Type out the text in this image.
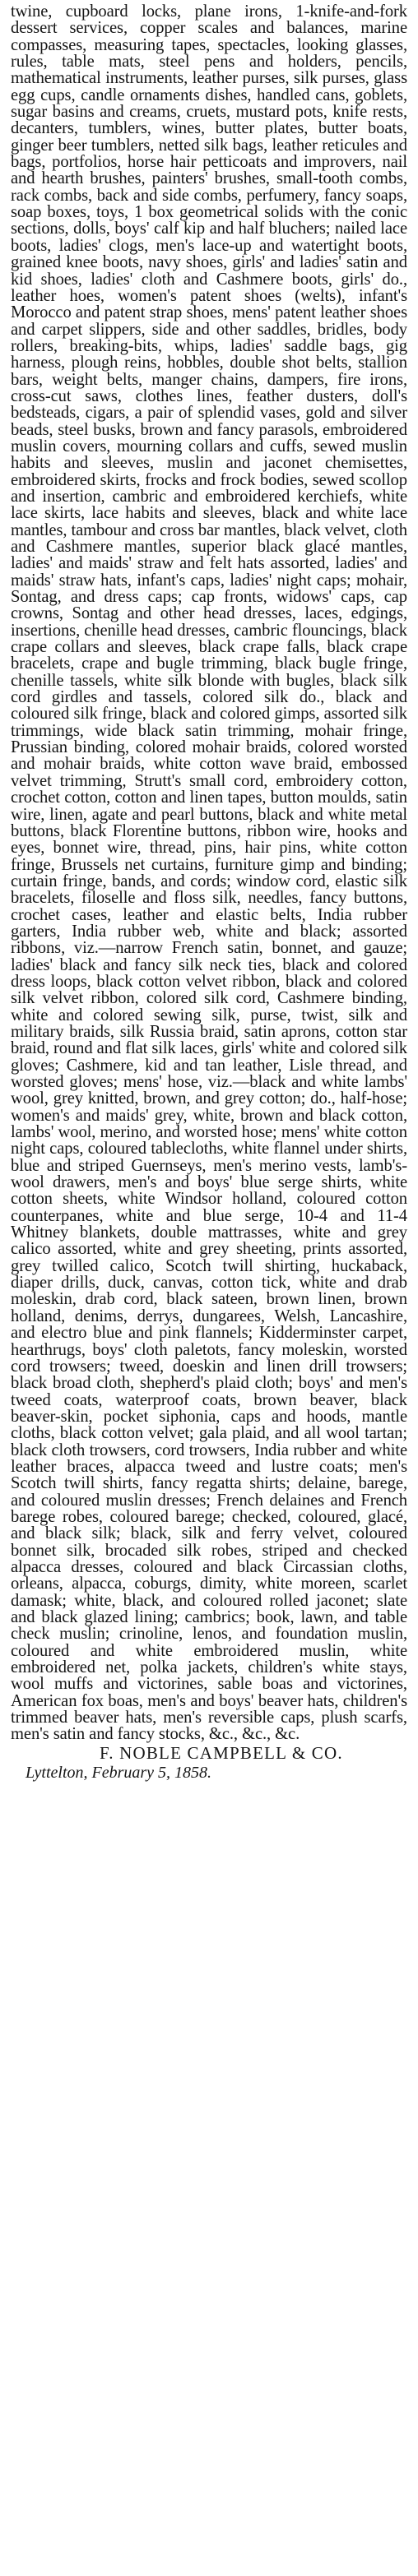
twine, cupboard locks, plane irons, 1-knife-and-fork dessert services, copper scales and balances, marine compasses, measuring tapes, spectacles, looking glasses, rules, table mats, steel pens and holders, pencils, mathematical instruments, leather purses, silk purses, glass egg cups, candle ornaments dishes, handled cans, goblets, sugar basins and creams, cruets, mustard pots, knife rests, decanters, tumblers, wines, butter plates, butter boats, ginger beer tumblers, netted silk bags, leather reticules and bags, portfolios, horse hair petticoats and improvers, nail and hearth brushes, painters' brushes, small-tooth combs, rack combs, back and side combs, perfumery, fancy soaps, soap boxes, toys, 1 box geometrical solids with the conic sections, dolls, boys' calf kip and half bluchers; nailed lace boots, ladies' clogs, men's lace-up and watertight boots, grained knee boots, navy shoes, girls' and ladies' satin and kid shoes, ladies' cloth and Cashmere boots, girls' do., leather hoes, women's patent shoes (welts), infant's Morocco and patent strap shoes, mens' patent leather shoes and carpet slippers, side and other saddles, bridles, body rollers, breaking-bits, whips, ladies' saddle bags, gig harness, plough reins, hobbles, double shot belts, stallion bars, weight belts, manger chains, dampers, fire irons, cross-cut saws, clothes lines, feather dusters, doll's bedsteads, cigars, a pair of splendid vases, gold and silver beads, steel busks, brown and fancy parasols, embroidered muslin covers, mourning collars and cuffs, sewed muslin habits and sleeves, muslin and jaconet chemisettes, embroidered skirts, frocks and frock bodies, sewed scollop and insertion, cambric and embroidered kerchiefs, white lace skirts, lace habits and sleeves, black and white lace mantles, tambour and cross bar mantles, black velvet, cloth and Cashmere mantles, superior black glacé mantles, ladies' and maids' straw and felt hats assorted, ladies' and maids' straw hats, infant's caps, ladies' night caps; mohair, Sontag, and dress caps; cap fronts, widows' caps, cap crowns, Sontag and other head dresses, laces, edgings, insertions, chenille head dresses, cambric flouncings, black crape collars and sleeves, black crape falls, black crape bracelets, crape and bugle trimming, black bugle fringe, chenille tassels, white silk blonde with bugles, black silk cord girdles and tassels, colored silk do., black and coloured silk fringe, black and colored gimps, assorted silk trimmings, wide black satin trimming, mohair fringe, Prussian binding, colored mohair braids, colored worsted and mohair braids, white cotton wave braid, embossed velvet trimming, Strutt's small cord, embroidery cotton, crochet cotton, cotton and linen tapes, button moulds, satin wire, linen, agate and pearl buttons, black and white metal buttons, black Florentine buttons, ribbon wire, hooks and eyes, bonnet wire, thread, pins, hair pins, white cotton fringe, Brussels net curtains, furniture gimp and binding; curtain fringe, bands, and cords; window cord, elastic silk bracelets, filoselle and floss silk, needles, fancy buttons, crochet cases, leather and elastic belts, India rubber garters, India rubber web, white and black; assorted ribbons, viz.—narrow French satin, bonnet, and gauze; ladies' black and fancy silk neck ties, black and colored dress loops, black cotton velvet ribbon, black and colored silk velvet ribbon, colored silk cord, Cashmere binding, white and colored sewing silk, purse, twist, silk and military braids, silk Russia braid, satin aprons, cotton star braid, round and flat silk laces, girls' white and colored silk gloves; Cashmere, kid and tan leather, Lisle thread, and worsted gloves; mens' hose, viz.—black and white lambs' wool, grey knitted, brown, and grey cotton; do., half-hose; women's and maids' grey, white, brown and black cotton, lambs' wool, merino, and worsted hose; mens' white cotton night caps, coloured tablecloths, white flannel under shirts, blue and striped Guernseys, men's merino vests, lamb's-wool drawers, men's and boys' blue serge shirts, white cotton sheets, white Windsor holland, coloured cotton counterpanes, white and blue serge, 10-4 and 11-4 Whitney blankets, double mattrasses, white and grey calico assorted, white and grey sheeting, prints assorted, grey twilled calico, Scotch twill shirting, huckaback, diaper drills, duck, canvas, cotton tick, white and drab moleskin, drab cord, black sateen, brown linen, brown holland, denims, derrys, dungarees, Welsh, Lancashire, and electro blue and pink flannels; Kidderminster carpet, hearthrugs, boys' cloth paletots, fancy moleskin, worsted cord trowsers; tweed, doeskin and linen drill trowsers; black broad cloth, shepherd's plaid cloth; boys' and men's tweed coats, waterproof coats, brown beaver, black beaver-skin, pocket siphonia, caps and hoods, mantle cloths, black cotton velvet; gala plaid, and all wool tartan; black cloth trowsers, cord trowsers, India rubber and white leather braces, alpacca tweed and lustre coats; men's Scotch twill shirts, fancy regatta shirts; delaine, barege, and coloured muslin dresses; French delaines and French barege robes, coloured barege; checked, coloured, glacé, and black silk; black, silk and ferry velvet, coloured bonnet silk, brocaded silk robes, striped and checked alpacca dresses, coloured and black Circassian cloths, orleans, alpacca, coburgs, dimity, white moreen, scarlet damask; white, black, and coloured rolled jaconet; slate and black glazed lining; cambrics; book, lawn, and table check muslin; crinoline, lenos, and foundation muslin, coloured and white embroidered muslin, white embroidered net, polka jackets, children's white stays, wool muffs and victorines, sable boas and victorines, American fox boas, men's and boys' beaver hats, children's trimmed beaver hats, men's reversible caps, plush scarfs, men's satin and fancy stocks, &c., &c., &c.

F. NOBLE CAMPBELL & CO.

Lyttelton, February 5, 1858.
